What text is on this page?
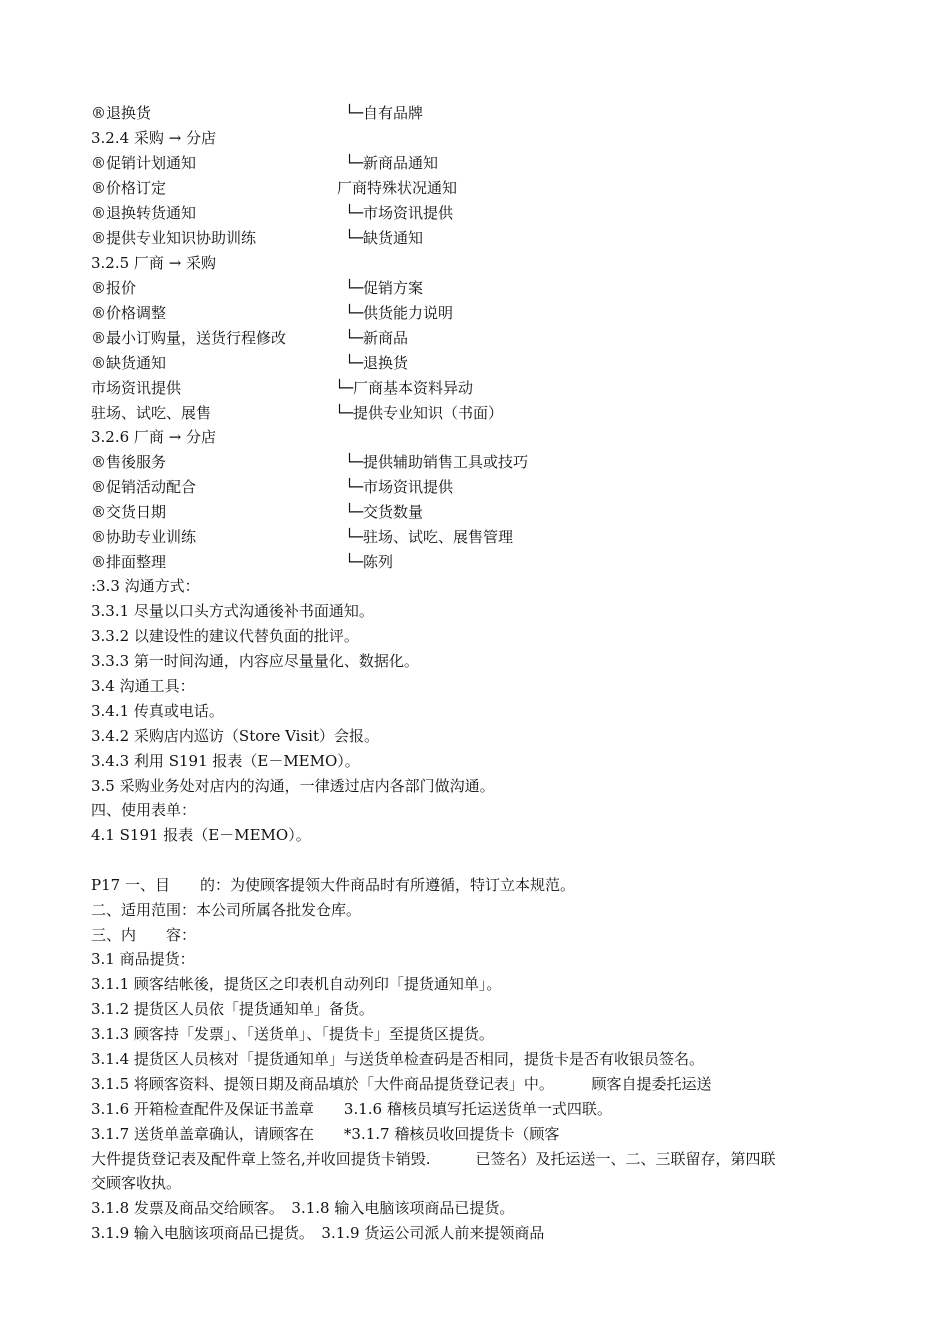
®退换货	└─自有品牌
3.2.4 采购 → 分店
®促销计划通知	└─新商品通知
®价格订定	厂商特殊状况通知
®退换转货通知	└─市场资讯提供
®提供专业知识协助训练	└─缺货通知
3.2.5 厂商 → 采购
®报价	└─促销方案
®价格调整	└─供货能力说明
®最小订购量，送货行程修改	└─新商品
®缺货通知	└─退换货
市场资讯提供	└─厂商基本资料异动
驻场、试吃、展售	└─提供专业知识（书面）
3.2.6 厂商 → 分店
®售後服务	└─提供辅助销售工具或技巧
®促销活动配合	└─市场资讯提供
®交货日期	└─交货数量
®协助专业训练	└─驻场、试吃、展售管理
®排面整理	└─陈列
:3.3 沟通方式：
3.3.1 尽量以口头方式沟通後补书面通知。
3.3.2 以建设性的建议代替负面的批评。
3.3.3 第一时间沟通，内容应尽量量化、数据化。
3.4 沟通工具：
3.4.1 传真或电话。
3.4.2 采购店内巡访（Store Visit）会报。
3.4.3 利用 S191 报表（E－MEMO）。
3.5 采购业务处对店内的沟通，一律透过店内各部门做沟通。
四、使用表单：
4.1 S191 报表（E－MEMO）。
P17 一、目　　的：为使顾客提领大件商品时有所遵循，特订立本规范。
二、适用范围：本公司所属各批发仓库。
三、内　　容：
3.1 商品提货：
3.1.1 顾客结帐後，提货区之印表机自动列印「提货通知单」。
3.1.2 提货区人员依「提货通知单」备货。
3.1.3 顾客持「发票」、「送货单」、「提货卡」至提货区提货。
3.1.4 提货区人员核对「提货通知单」与送货单检查码是否相同，提货卡是否有收银员签名。
3.1.5 将顾客资料、提领日期及商品填於「大件商品提货登记表」中。　　　顾客自提委托运送
3.1.6 开箱检查配件及保证书盖章　　3.1.6 稽核员填写托运送货单一式四联。
3.1.7 送货单盖章确认，请顾客在　　*3.1.7 稽核员收回提货卡（顾客
大件提货登记表及配件章上签名,并收回提货卡销毁.　　　已签名）及托运送一、二、三联留存，第四联
交顾客收执。
3.1.8 发票及商品交给顾客。　3.1.8 输入电脑该项商品已提货。
3.1.9 输入电脑该项商品已提货。　3.1.9 货运公司派人前来提领商品
